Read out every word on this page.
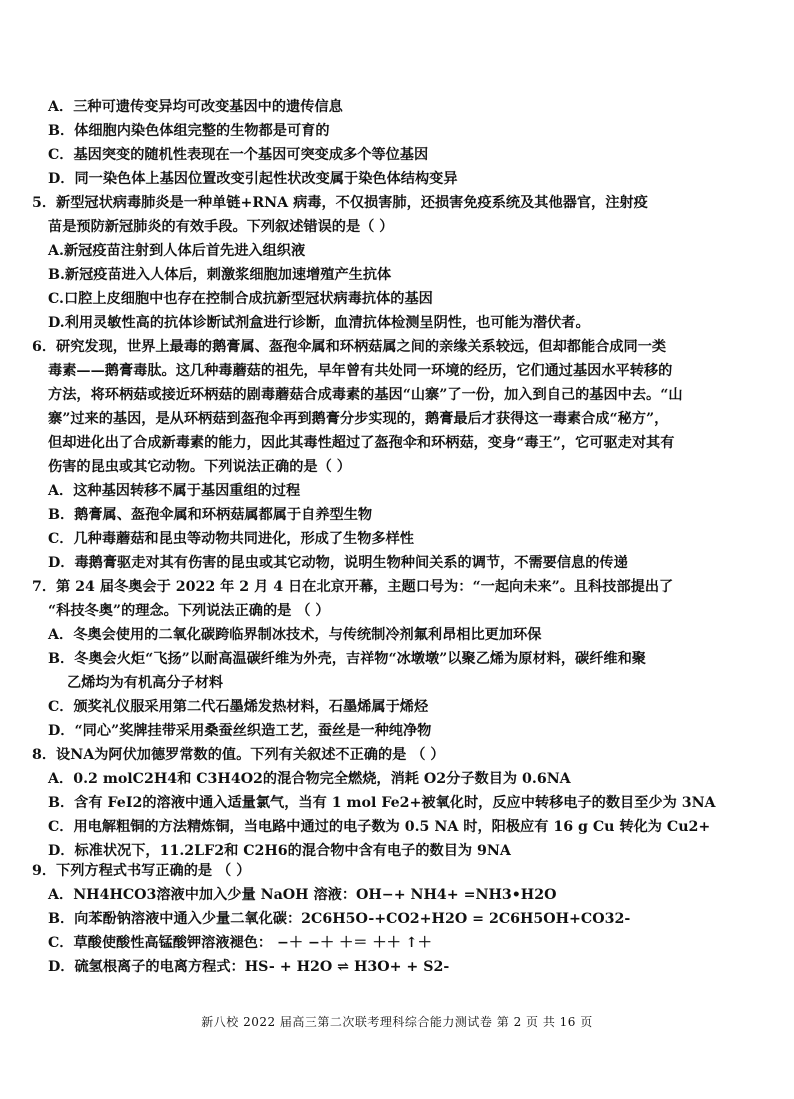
A．三种可遗传变异均可改变基因中的遗传信息
B．体细胞内染色体组完整的生物都是可育的
C．基因突变的随机性表现在一个基因可突变成多个等位基因
D．同一染色体上基因位置改变引起性状改变属于染色体结构变异
5．新型冠状病毒肺炎是一种单链+RNA 病毒，不仅损害肺，还损害免疫系统及其他器官，注射疫
苗是预防新冠肺炎的有效手段。下列叙述错误的是（ ）
A.新冠疫苗注射到人体后首先进入组织液
B.新冠疫苗进入人体后，刺激浆细胞加速增殖产生抗体
C.口腔上皮细胞中也存在控制合成抗新型冠状病毒抗体的基因
D.利用灵敏性高的抗体诊断试剂盒进行诊断，血清抗体检测呈阴性，也可能为潜伏者。
6．研究发现，世界上最毒的鹅膏属、盔孢伞属和环柄菇属之间的亲缘关系较远，但却都能合成同一类
毒素——鹅膏毒肽。这几种毒蘑菇的祖先，早年曾有共处同一环境的经历，它们通过基因水平转移的
方法，将环柄菇或接近环柄菇的剧毒蘑菇合成毒素的基因“山寨”了一份，加入到自己的基因中去。“山
寨”过来的基因，是从环柄菇到盔孢伞再到鹅膏分步实现的，鹅膏最后才获得这一毒素合成“秘方”，
但却进化出了合成新毒素的能力，因此其毒性超过了盔孢伞和环柄菇，变身“毒王”，它可驱走对其有
伤害的昆虫或其它动物。下列说法正确的是（ ）
A．这种基因转移不属于基因重组的过程
B．鹅膏属、盔孢伞属和环柄菇属都属于自养型生物
C．几种毒蘑菇和昆虫等动物共同进化，形成了生物多样性
D．毒鹅膏驱走对其有伤害的昆虫或其它动物，说明生物种间关系的调节，不需要信息的传递
7．第 24 届冬奥会于 2022 年 2 月 4 日在北京开幕，主题口号为：“一起向未来”。且科技部提出了
“科技冬奥”的理念。下列说法正确的是 （ ）
A．冬奥会使用的二氧化碳跨临界制冰技术，与传统制冷剂氟利昂相比更加环保
B．冬奥会火炬“飞扬”以耐高温碳纤维为外壳，吉祥物“冰墩墩”以聚乙烯为原材料，碳纤维和聚
乙烯均为有机高分子材料
C．颁奖礼仪服采用第二代石墨烯发热材料，石墨烯属于烯烃
D．“同心”奖牌挂带采用桑蚕丝织造工艺，蚕丝是一种纯净物
8．设NA为阿伏加德罗常数的值。下列有关叙述不正确的是 （ ）
A．0.2 molC2H4和 C3H4O2的混合物完全燃烧，消耗 O2分子数目为 0.6NA
B．含有 FeI2的溶液中通入适量氯气，当有 1 mol Fe2+被氧化时，反应中转移电子的数目至少为 3NA
C．用电解粗铜的方法精炼铜，当电路中通过的电子数为 0.5 NA 时，阳极应有 16 g Cu 转化为 Cu2+
D．标准状况下，11.2LF2和 C2H6的混合物中含有电子的数目为 9NA
9．下列方程式书写正确的是 （ ）
A．NH4HCO3溶液中加入少量 NaOH 溶液：OH−+ NH4+ =NH3•H2O
B．向苯酚钠溶液中通入少量二氧化碳：2C6H5O-+CO2+H2O = 2C6H5OH+CO32-
C．草酸使酸性高锰酸钾溶液褪色： −＋ −＋ ＋＝ ＋＋ ↑＋
D．硫氢根离子的电离方程式：HS- + H2O ⇌ H3O+ + S2-
新八校 2022 届高三第二次联考理科综合能力测试卷 第 2 页 共 16 页
